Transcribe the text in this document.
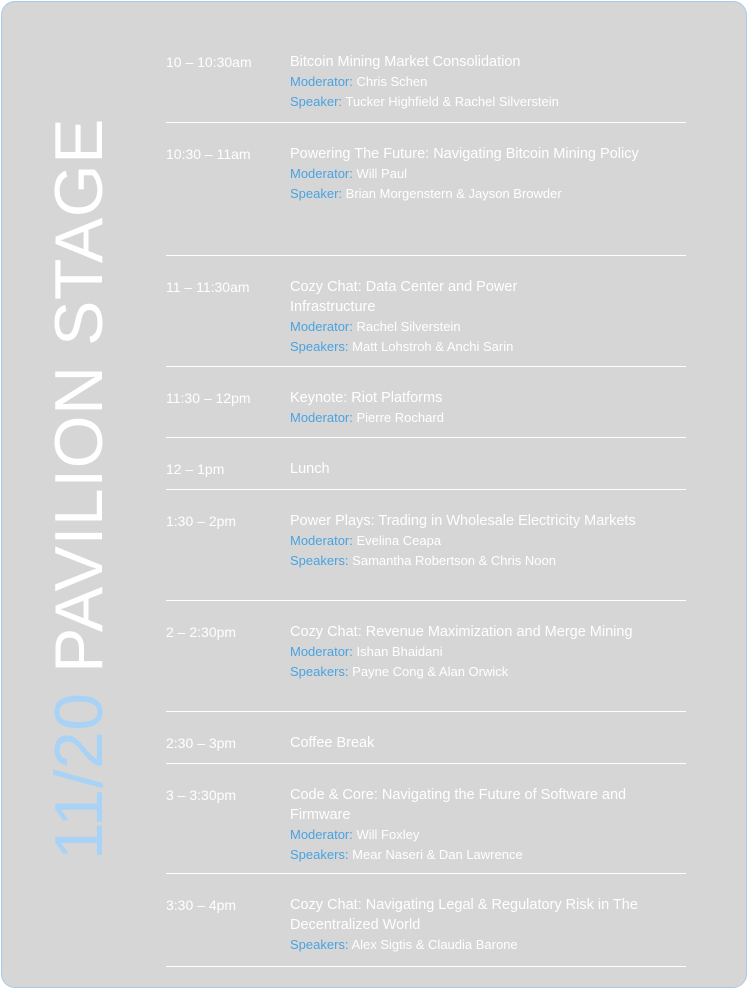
11/20 PAVILION STAGE
10 – 10:30am	Bitcoin Mining Market Consolidation
Moderator: Chris Schen
Speaker: Tucker Highfield & Rachel Silverstein
10:30 – 11am	Powering The Future: Navigating Bitcoin Mining Policy
Moderator: Will Paul
Speaker: Brian Morgenstern & Jayson Browder
11 – 11:30am	Cozy Chat: Data Center and Power Infrastructure
Moderator: Rachel Silverstein
Speakers: Matt Lohstroh & Anchi Sarin
11:30 – 12pm	Keynote: Riot Platforms
Moderator: Pierre Rochard
12 – 1pm	Lunch
1:30 – 2pm	Power Plays: Trading in Wholesale Electricity Markets
Moderator: Evelina Ceapa
Speakers: Samantha Robertson & Chris Noon
2 – 2:30pm	Cozy Chat: Revenue Maximization and Merge Mining
Moderator: Ishan Bhaidani
Speakers: Payne Cong & Alan Orwick
2:30 – 3pm	Coffee Break
3 – 3:30pm	Code & Core: Navigating the Future of Software and Firmware
Moderator: Will Foxley
Speakers: Mear Naseri & Dan Lawrence
3:30 – 4pm	Cozy Chat: Navigating Legal & Regulatory Risk in The Decentralized World
Speakers: Alex Sigtis & Claudia Barone
